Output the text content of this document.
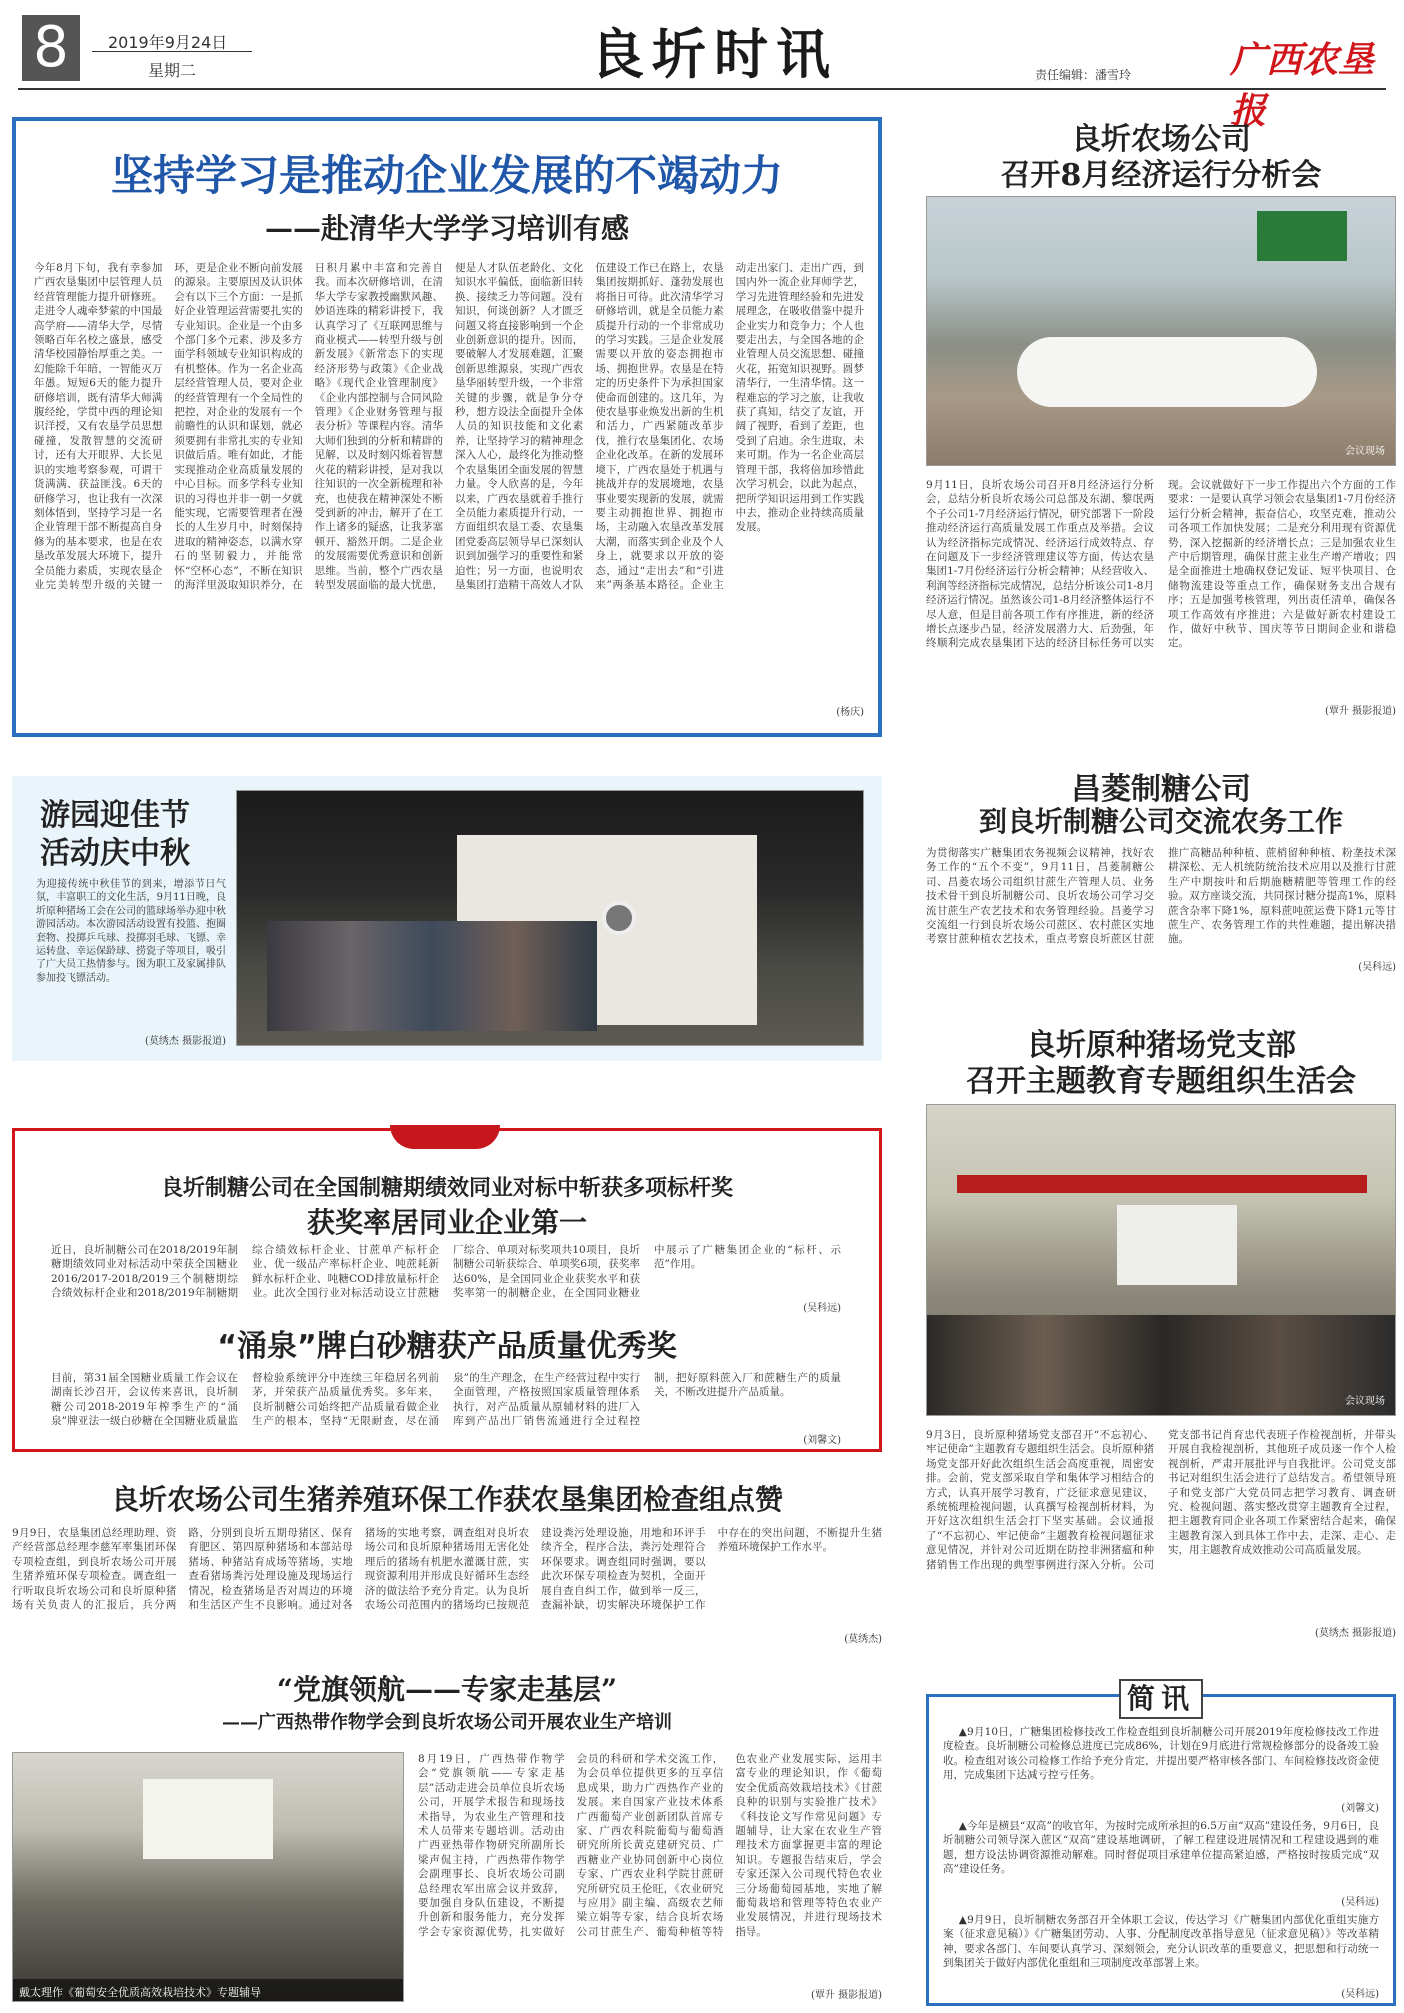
8	2019年9月24日
星期二	良圻时讯	责任编辑：潘雪玲	广西农垦报
坚持学习是推动企业发展的不竭动力
——赴清华大学学习培训有感
今年8月下旬，我有幸参加广西农垦集团中层管理人员经营管理能力提升研修班。走进令人魂牵梦萦的中国最高学府——清华大学，尽情领略百年名校之盛景，感受清华校园静怡厚重之美。一幻能除千年暗，一智能灭万年愚。短短6天的能力提升研修培训，既有清华大师满腹经纶，学贯中西的理论知识洋授，又有农垦学员思想碰撞，发散智慧的交流研讨，还有大开眼界、大长见识的实地考察参观，可谓干货满满、获益匪浅。6天的研修学习，也让我有一次深刻体悟到，坚持学习是一名企业管理干部不断提高自身修为的基本要求，也是在农垦改革发展大环境下，提升全员能力素质，实现农垦企业完美转型升级的关键一环，更是企业不断向前发展的源泉。主要原因及认识体会有以下三个方面：一是抓好企业管理运营需要扎实的专业知识。企业是一个由多个部门多个元素、涉及多方面学科领域专业知识构成的有机整体。作为一名企业高层经营管理人员，要对企业的经营管理有一个全局性的把控，对企业的发展有一个前瞻性的认识和谋划，就必须要拥有非常扎实的专业知识做后盾。唯有如此，才能实现推动企业高质量发展的中心目标。而多学科专业知识的习得也并非一朝一夕就能实现，它需要管理者在漫长的人生岁月中，时刻保持进取的精神姿态，以满水穿石的坚韧毅力，并能常怀“空杯心态”，不断在知识的海洋里汲取知识养分，在日积月累中丰富和完善自我。而本次研修培训，在清华大学专家教授幽默风趣、妙语连珠的精彩讲授下，我认真学习了《互联网思维与商业模式——转型升级与创新发展》《新常态下的实现经济形势与政策》《企业战略》《现代企业管理制度》《企业内部控制与合同风险管理》《企业财务管理与报表分析》等课程内容。清华大师们独到的分析和精辟的见解，以及时刻闪烁着智慧火花的精彩讲授，是对我以往知识的一次全新梳理和补充，也使我在精神深处不断受到新的冲击，解开了在工作上诸多的疑惑，让我茅塞顿开、豁然开朗。二是企业的发展需要优秀意识和创新思维。当前，整个广西农垦转型发展面临的最大忧患，便是人才队伍老龄化、文化知识水平偏低，面临新旧转换、接续乏力等问题。没有知识，何谈创新？人才匮乏问题又将直接影响到一个企业创新意识的提升。因而，要破解人才发展难题，汇聚创新思维源泉，实现广西农垦华丽转型升级，一个非常关键的步骤，就是争分夺秒，想方设法全面提升全体人员的知识技能和文化素养，让坚持学习的精神理念深入人心，最终化为推动整个农垦集团全面发展的智慧力量。令人欣喜的是，今年以来，广西农垦就着手推行全员能力素质提升行动，一方面组织农垦工委、农垦集团党委高层领导早已深刻认识到加强学习的重要性和紧迫性；另一方面，也说明农垦集团打造精干高效人才队伍建设工作已在路上，农垦集团按期抓好、蓬勃发展也将指日可待。此次清华学习研修培训，就是全员能力素质提升行动的一个非常成功的学习实践。三是企业发展需要以开放的姿态拥抱市场、拥抱世界。农垦是在特定的历史条件下为承担国家使命而创建的。这几年，为使农垦事业焕发出新的生机和活力，广西紧随改革步伐，推行农垦集团化、农场企业化改革。在新的发展环境下，广西农垦处于机遇与挑战并存的发展境地，农垦事业要实现新的发展，就需要主动拥抱世界、拥抱市场，主动融入农垦改革发展大潮，而落实到企业及个人身上，就要求以开放的姿态，通过“走出去”和“引进来”两条基本路径。企业主动走出家门、走出广西，到国内外一流企业拜师学艺，学习先进管理经验和先进发展理念，在吸收借鉴中提升企业实力和竞争力；个人也要走出去，与全国各地的企业管理人员交流思想、碰撞火花，拓宽知识视野。圆梦清华行，一生清华情。这一程难忘的学习之旅，让我收获了真知，结交了友谊，开阔了视野，看到了差距，也受到了启迪。余生进取，未来可期。作为一名企业高层管理干部，我将倍加珍惜此次学习机会，以此为起点，把所学知识运用到工作实践中去，推动企业持续高质量发展。
(杨庆)
良圻农场公司
召开8月经济运行分析会
会议现场
9月11日，良圻农场公司召开8月经济运行分析会，总结分析良圻农场公司总部及东湖、黎氓两个子公司1-7月经济运行情况，研究部署下一阶段推动经济运行高质量发展工作重点及举措。会议认为经济指标完成情况、经济运行成效特点、存在问题及下一步经济管理建议等方面，传达农垦集团1-7月份经济运行分析会精神；从经营收入、利润等经济指标完成情况，总结分析该公司1-8月经济运行情况。虽然该公司1-8月经济整体运行不尽人意，但是目前各项工作有序推进，新的经济增长点逐步凸显，经济发展潜力大、后劲强，年终顺利完成农垦集团下达的经济目标任务可以实现。会议就做好下一步工作提出六个方面的工作要求：一是要认真学习领会农垦集团1-7月份经济运行分析会精神，振奋信心，攻坚克难，推动公司各项工作加快发展；二是充分利用现有资源优势，深入挖掘新的经济增长点；三是加强农业生产中后期管理，确保甘蔗主业生产增产增收；四是全面推进土地确权登记发证、短平快项目、仓储物流建设等重点工作，确保财务支出合规有序；五是加强考核管理，列出责任清单，确保各项工作高效有序推进；六是做好新农村建设工作，做好中秋节、国庆等节日期间企业和谐稳定。
(覃升 摄影报道)
游园迎佳节
活动庆中秋
为迎接传统中秋佳节的到来，增添节日气氛，丰富职工的文化生活，9月11日晚，良圻原种猪场工会在公司的篮球场举办迎中秋游园活动。本次游园活动设置有投篮、抱圈套物、投掷乒乓球、投掷羽毛球、飞镖、幸运转盘、幸运保龄球、捞瓷子等项目，吸引了广大员工热情参与。图为职工及家属排队参加投飞镖活动。
(莫绣杰 摄影报道)
昌菱制糖公司
到良圻制糖公司交流农务工作
为贯彻落实广糖集团农务视频会议精神，找好农务工作的“五个不变”，9月11日，昌菱制糖公司、昌菱农场公司组织甘蔗生产管理人员、业务技术骨干到良圻制糖公司、良圻农场公司学习交流甘蔗生产农艺技术和农务管理经验。昌菱学习交流组一行到良圻农场公司蔗区、农村蔗区实地考察甘蔗种植农艺技术，重点考察良圻蔗区甘蔗推广高糖品种种植、蔗梢留种种植、粉垄技术深耕深松、无人机统防统治技术应用以及推行甘蔗生产中期按叶和后期施糖精肥等管理工作的经验。双方座谈交流，共同探讨糖分提高1%，原料蔗含杂率下降1%，原料蔗吨蔗运费下降1元等甘蔗生产、农务管理工作的共性难题，提出解决措施。
(吴科远)
良圻制糖公司在全国制糖期绩效同业对标中斩获多项标杆奖
获奖率居同业企业第一
近日，良圻制糖公司在2018/2019年制糖期绩效同业对标活动中荣获全国糖业2016/2017-2018/2019三个制糖期综合绩效标杆企业和2018/2019年制糖期综合绩效标杆企业、甘蔗单产标杆企业、优一级品产率标杆企业、吨蔗耗新鲜水标杆企业、吨糖COD排放量标杆企业。此次全国行业对标活动设立甘蔗糖厂综合、单项对标奖项共10项目，良圻制糖公司斩获综合、单项奖6项，获奖率达60%，是全国同业企业获奖水平和获奖率第一的制糖企业，在全国同业糖业中展示了广糖集团企业的“标杆、示范”作用。
(吴科远)
“涌泉”牌白砂糖获产品质量优秀奖
目前，第31届全国糖业质量工作会议在湖南长沙召开，会议传来喜讯，良圻制糖公司2018-2019年榨季生产的“涌泉”牌亚法一级白砂糖在全国糖业质量监督检验系统评分中连续三年稳居名列前茅，并荣获产品质量优秀奖。多年来，良圻制糖公司始终把产品质量看做企业生产的根本，坚持“无限耐查，尽在涌泉”的生产理念，在生产经营过程中实行全面管理，产格按照国家质量管理体系执行，对产品质量从原辅材料的进厂入库到产品出厂销售流通进行全过程控制，把好原料蔗入厂和蔗糖生产的质量关，不断改进提升产品质量。
(刘馨文)
良圻原种猪场党支部
召开主题教育专题组织生活会
会议现场
9月3日，良圻原种猪场党支部召开“不忘初心、牢记使命”主题教育专题组织生活会。良圻原种猪场党支部开好此次组织生活会高度重视，周密安排。会前，党支部采取自学和集体学习相结合的方式，认真开展学习教育，广泛征求意见建议，系统梳理检视问题，认真撰写检视剖析材料，为开好这次组织生活会打下坚实基础。会议通报了“不忘初心、牢记使命”主题教育检视问题征求意见情况，并针对公司近期在防控非洲猪瘟和种猪销售工作出现的典型事例进行深入分析。公司党支部书记肖育忠代表班子作检视剖析，并带头开展自我检视剖析，其他班子成员逐一作个人检视剖析，严肃开展批评与自我批评。公司党支部书记对组织生活会进行了总结发言。希望领导班子和党支部广大党员同志把学习教育、调查研究、检视问题、落实整改贯穿主题教育全过程，把主题教育同企业各项工作紧密结合起来，确保主题教育深入到具体工作中去，走深、走心、走实，用主题教育成效推动公司高质量发展。
(莫绣杰 摄影报道)
良圻农场公司生猪养殖环保工作获农垦集团检查组点赞
9月9日，农垦集团总经理助理、资产经营部总经理李慈军率集团环保专项检查组，到良圻农场公司开展生猪养殖环保专项检查。调查组一行听取良圻农场公司和良圻原种猪场有关负责人的汇报后，兵分两路，分别到良圻五期母猪区、保育育肥区、第四原种猪场和本部站母猪场、种猪站育成场等猪场，实地查看猪场粪污处理设施及现场运行情况，检查猪场是否对周边的环境和生活区产生不良影响。通过对各猪场的实地考察，调查组对良圻农场公司和良圻原种猪场用无害化处理后的猪场有机肥水灌溉甘蔗，实现资源利用并形成良好循环生态经济的做法给予充分肯定。认为良圻农场公司范围内的猪场均已按规范建设粪污处理设施，用地和环评手续齐全，程序合法，粪污处理符合环保要求。调查组同时强调，要以此次环保专项检查为契机，全面开展自查自纠工作，做到举一反三，查漏补缺，切实解决环境保护工作中存在的突出问题，不断提升生猪养殖环境保护工作水平。
(莫绣杰)
“党旗领航——专家走基层”
——广西热带作物学会到良圻农场公司开展农业生产培训
戴太理作《葡萄安全优质高效栽培技术》专题辅导
8月19日，广西热带作物学会“党旗领航——专家走基层”活动走进会员单位良圻农场公司，开展学术报告和现场技术指导，为农业生产管理和技术人员带来专题培训。活动由广西亚热带作物研究所副所长梁声侃主持，广西热带作物学会副理事长、良圻农场公司副总经理农军出席会议并致辞，要加强自身队伍建设，不断提升创新和服务能力，充分发挥学会专家资源优势，扎实做好会员的科研和学术交流工作，为会员单位提供更多的互享信息成果，助力广西热作产业的发展。来自国家产业技术体系广西葡萄产业创新团队首席专家、广西农科院葡萄与葡萄酒研究所所长黄克建研究员、广西糖业产业协同创新中心岗位专家、广西农业科学院甘蔗研究所研究员王伦旺，《农业研究与应用》副主编、高级农艺师梁立娟等专家，结合良圻农场公司甘蔗生产、葡萄种植等特色农业产业发展实际，运用丰富专业的理论知识，作《葡萄安全优质高效栽培技术》《甘蔗良种的识别与实验推广技术》《科技论文写作常见问题》专题辅导，让大家在农业生产管理技术方面掌握更丰富的理论知识。专题报告结束后，学会专家还深入公司现代特色农业三分场葡萄园基地，实地了解葡萄栽培和管理等特色农业产业发展情况，并进行现场技术指导。
(覃升 摄影报道)
简讯
▲9月10日，广糖集团检修技改工作检查组到良圻制糖公司开展2019年度检修技改工作进度检查。良圻制糖公司检修总进度已完成86%，计划在9月底进行常规检修部分的设备竣工验收。检查组对该公司检修工作给予充分肯定，并提出要严格审核各部门、车间检修技改资金使用，完成集团下达减亏控亏任务。
(刘馨文)
▲今年是横县“双高”的收官年，为按时完成所承担的6.5万亩“双高”建设任务，9月6日，良圻制糖公司领导深入蔗区“双高”建设基地调研，了解工程建设进展情况和工程建设遇到的难题，想方设法协调资源推动解难。同时督促项目承建单位提高紧迫感，严格按时按质完成“双高”建设任务。
(吴科远)
▲9月9日，良圻制糖农务部召开全体职工会议，传达学习《广糖集团内部优化重组实施方案（征求意见稿）》《广糖集团劳动、人事、分配制度改革指导意见（征求意见稿）》等改革精神，要求各部门、车间要认真学习、深刻领会，充分认识改革的重要意义，把思想和行动统一到集团关于做好内部优化重组和三项制度改革部署上来。
(吴科远)
